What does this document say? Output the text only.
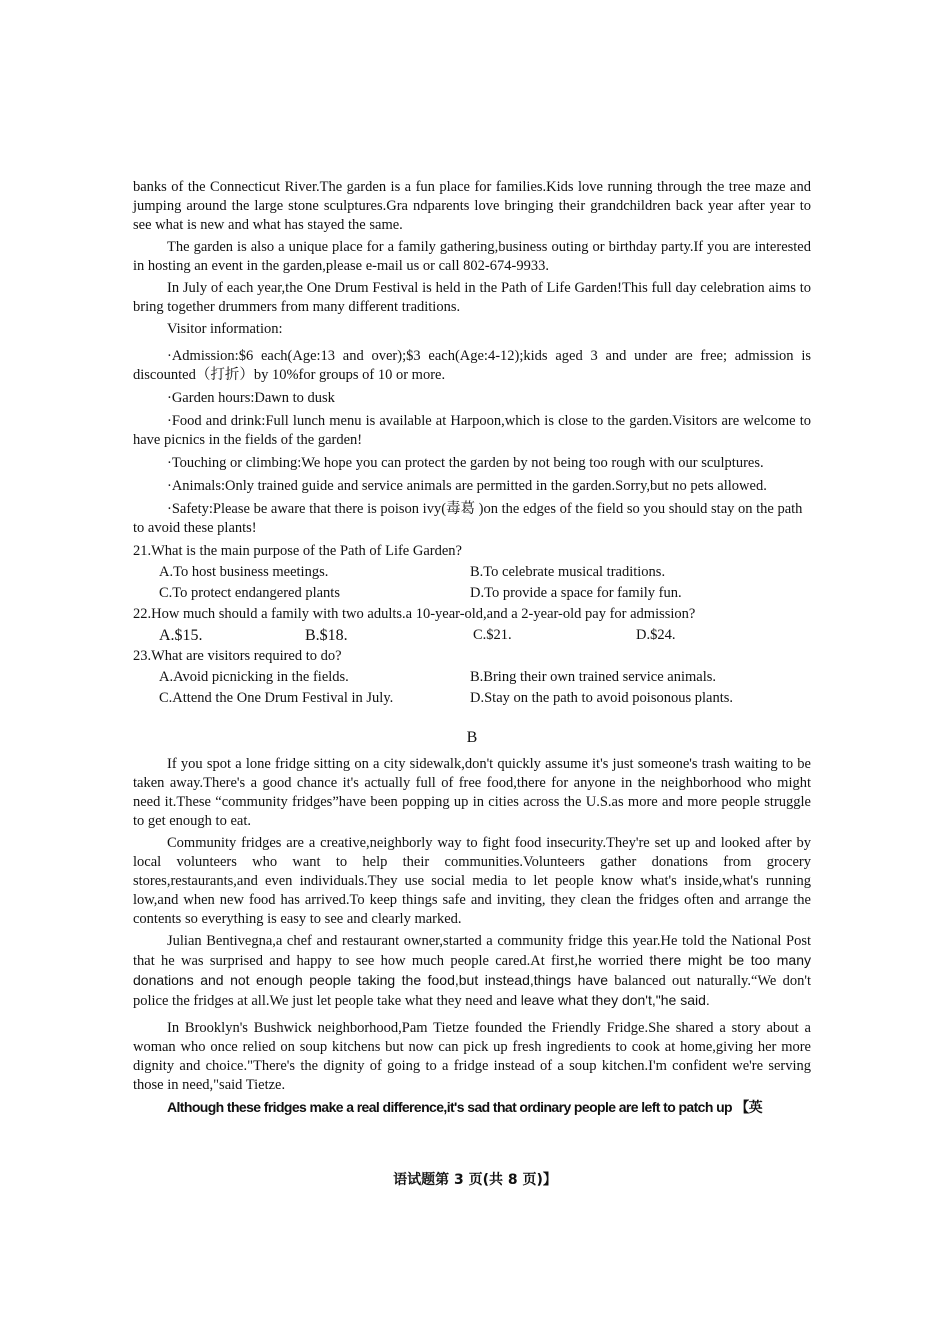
banks of the Connecticut River.The garden is a fun place for families.Kids love running through the tree maze and jumping around the large stone sculptures.Gra ndparents love bringing their grandchildren back year after year to see what is new and what has stayed the same.

The garden is also a unique place for a family gathering,business outing or birthday party.If you are interested in hosting an event in the garden,please e-mail us or call 802-674-9933.

In July of each year,the One Drum Festival is held in the Path of Life Garden!This full day celebration aims to bring together drummers from many different traditions.

Visitor information:

·Admission:$6 each(Age:13 and over);$3 each(Age:4-12);kids aged 3 and under are free; admission is discounted（打折）by 10%for groups of 10 or more.

·Garden hours:Dawn to dusk

·Food and drink:Full lunch menu is available at Harpoon,which is close to the garden.Visitors are welcome to have picnics in the fields of the garden!

·Touching or climbing:We hope you can protect the garden by not being too rough with our sculptures.

·Animals:Only trained guide and service animals are permitted in the garden.Sorry,but no pets allowed.

·Safety:Please be aware that there is poison ivy(毒葛 )on the edges of the field so you should stay on the path to avoid these plants!

21.What is the main purpose of the Path of Life Garden?
A.To host business meetings.	B.To celebrate musical traditions.
C.To protect endangered plants	D.To provide a space for family fun.
22.How much should a family with two adults.a 10-year-old,and a 2-year-old pay for admission?
A.$15.	B.$18.	C.$21.	D.$24.
23.What are visitors required to do?
A.Avoid picnicking in the fields.	B.Bring their own trained service animals.
C.Attend the One Drum Festival in July.	D.Stay on the path to avoid poisonous plants.
B

If you spot a lone fridge sitting on a city sidewalk,don't quickly assume it's just someone's trash waiting to be taken away.There's a good chance it's actually full of free food,there for anyone in the neighborhood who might need it.These “community fridges”have been popping up in cities across the U.S.as more and more people struggle to get enough to eat.

Community fridges are a creative,neighborly way to fight food insecurity.They're set up and looked after by local volunteers who want to help their communities.Volunteers gather donations from grocery stores,restaurants,and even individuals.They use social media to let people know what's inside,what's running low,and when new food has arrived.To keep things safe and inviting, they clean the fridges often and arrange the contents so everything is easy to see and clearly marked.

Julian Bentivegna,a chef and restaurant owner,started a community fridge this year.He told the National Post that he was surprised and happy to see how much people cared.At first,he worried there might be too many donations and not enough people taking the food,but instead,things have balanced out naturally.“We don't police the fridges at all.We just let people take what they need and leave what they don't,"he said.

In Brooklyn's Bushwick neighborhood,Pam Tietze founded the Friendly Fridge.She shared a story about a woman who once relied on soup kitchens but now can pick up fresh ingredients to cook at home,giving her more dignity and choice."There's the dignity of going to a fridge instead of a soup kitchen.I'm confident we're serving those in need,"said Tietze.

Although these fridges make a real difference,it's sad that ordinary people are left to patch up 【英

语试题第 3 页(共 8 页)】
